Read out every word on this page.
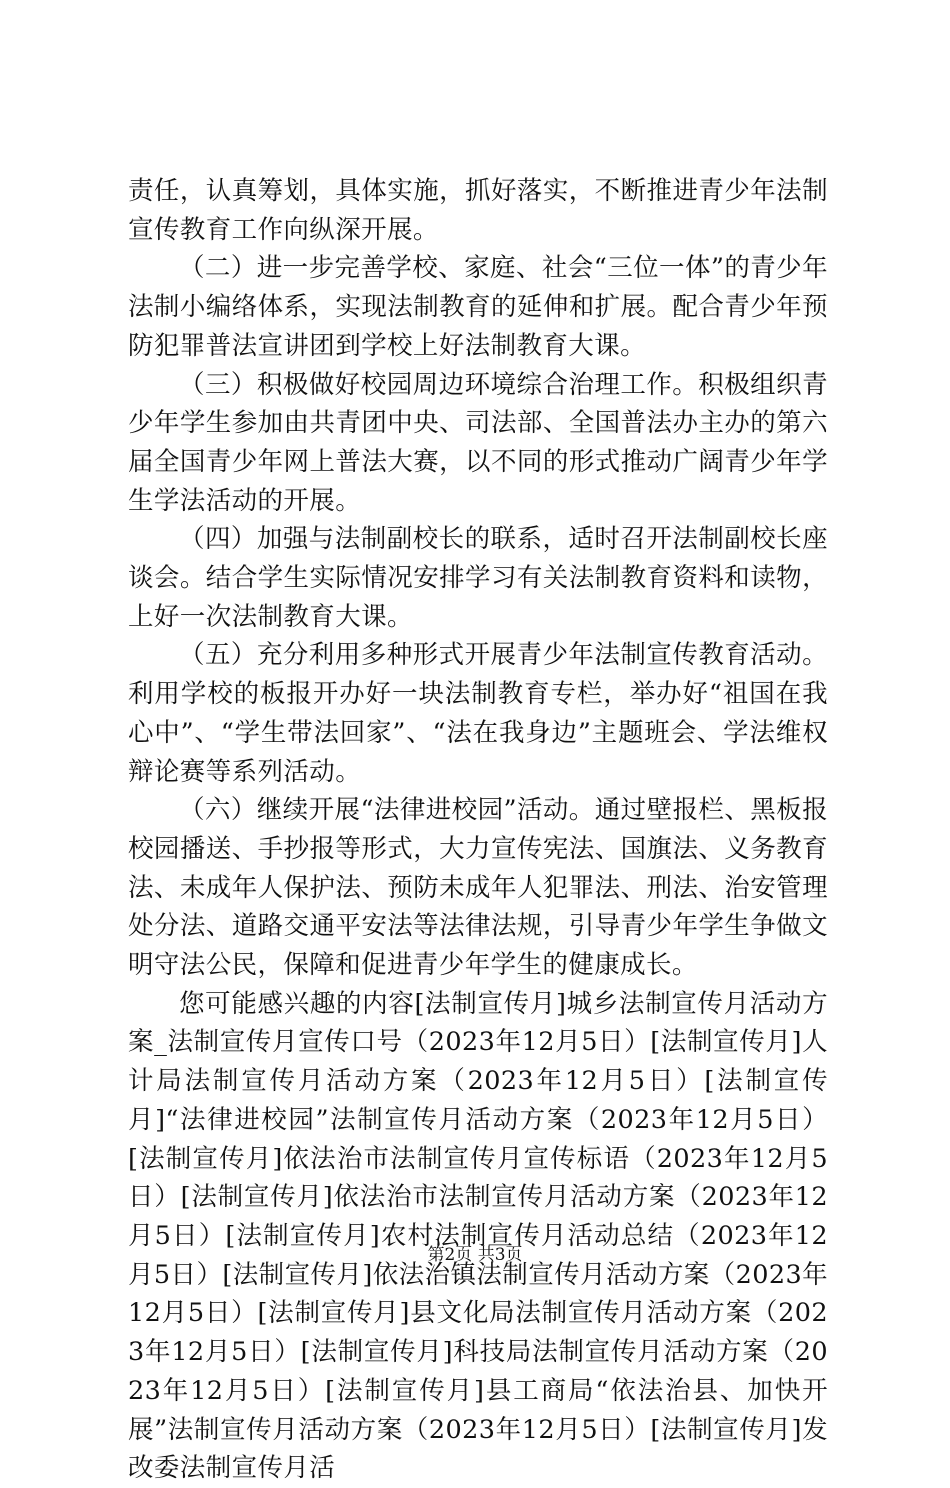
责任，认真筹划，具体实施，抓好落实，不断推进青少年法制宣传教育工作向纵深开展。

（二）进一步完善学校、家庭、社会“三位一体”的青少年法制小编络体系，实现法制教育的延伸和扩展。配合青少年预防犯罪普法宣讲团到学校上好法制教育大课。

（三）积极做好校园周边环境综合治理工作。积极组织青少年学生参加由共青团中央、司法部、全国普法办主办的第六届全国青少年网上普法大赛，以不同的形式推动广阔青少年学生学法活动的开展。

（四）加强与法制副校长的联系，适时召开法制副校长座谈会。结合学生实际情况安排学习有关法制教育资料和读物，上好一次法制教育大课。

（五）充分利用多种形式开展青少年法制宣传教育活动。利用学校的板报开办好一块法制教育专栏，举办好“祖国在我心中”、“学生带法回家”、“法在我身边”主题班会、学法维权辩论赛等系列活动。

（六）继续开展“法律进校园”活动。通过壁报栏、黑板报校园播送、手抄报等形式，大力宣传宪法、国旗法、义务教育法、未成年人保护法、预防未成年人犯罪法、刑法、治安管理处分法、道路交通平安法等法律法规，引导青少年学生争做文明守法公民，保障和促进青少年学生的健康成长。

您可能感兴趣的内容[法制宣传月]城乡法制宣传月活动方案_法制宣传月宣传口号（2023年12月5日）[法制宣传月]人计局法制宣传月活动方案（2023年12月5日）[法制宣传月]“法律进校园”法制宣传月活动方案（2023年12月5日）[法制宣传月]依法治市法制宣传月宣传标语（2023年12月5日）[法制宣传月]依法治市法制宣传月活动方案（2023年12月5日）[法制宣传月]农村法制宣传月活动总结（2023年12月5日）[法制宣传月]依法治镇法制宣传月活动方案（2023年12月5日）[法制宣传月]县文化局法制宣传月活动方案（2023年12月5日）[法制宣传月]科技局法制宣传月活动方案（2023年12月5日）[法制宣传月]县工商局“依法治县、加快开展”法制宣传月活动方案（2023年12月5日）[法制宣传月]发改委法制宣传月活

第2页 共3页
